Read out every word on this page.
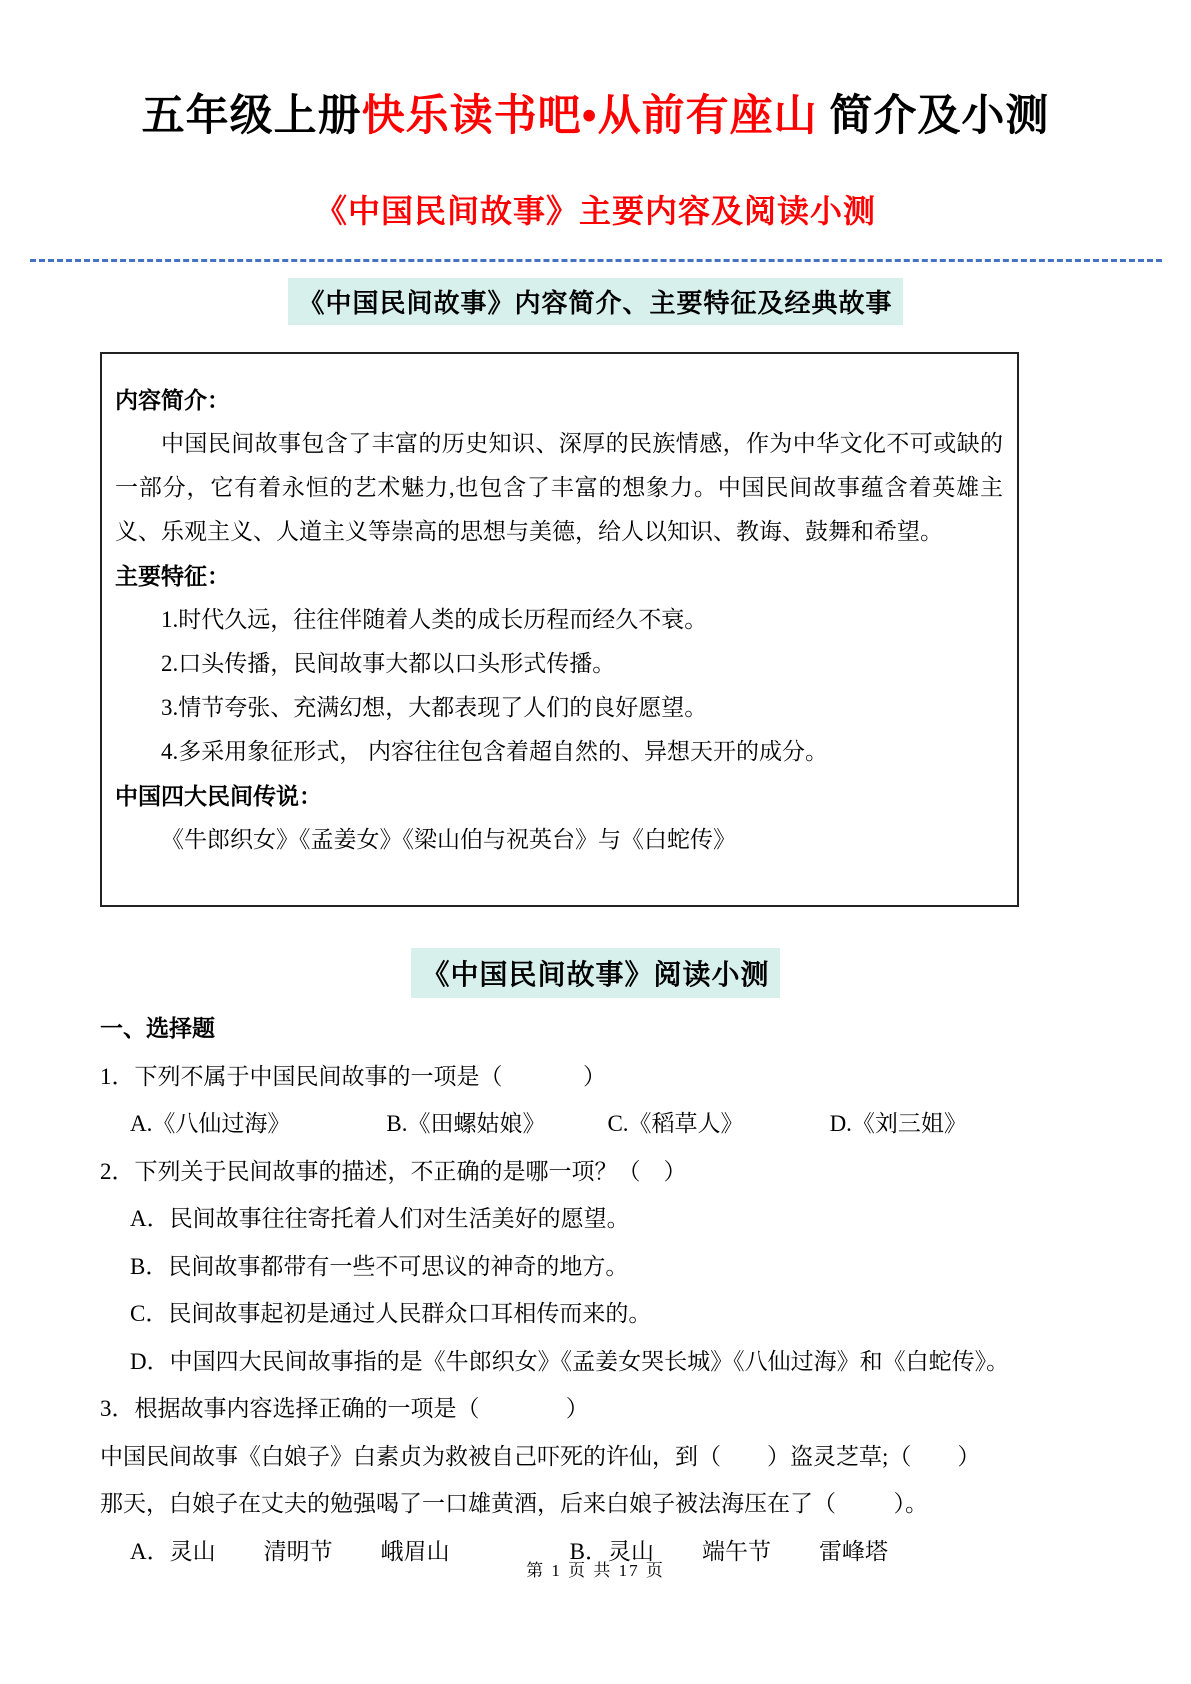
五年级上册快乐读书吧•从前有座山 简介及小测
《中国民间故事》主要内容及阅读小测
《中国民间故事》内容简介、主要特征及经典故事
内容简介：

中国民间故事包含了丰富的历史知识、深厚的民族情感，作为中华文化不可或缺的一部分，它有着永恒的艺术魅力,也包含了丰富的想象力。中国民间故事蕴含着英雄主义、乐观主义、人道主义等崇高的思想与美德，给人以知识、教诲、鼓舞和希望。

主要特征：
1.时代久远，往往伴随着人类的成长历程而经久不衰。
2.口头传播，民间故事大都以口头形式传播。
3.情节夸张、充满幻想，大都表现了人们的良好愿望。
4.多采用象征形式， 内容往往包含着超自然的、异想天开的成分。
中国四大民间传说：
《牛郎织女》《孟姜女》《梁山伯与祝英台》与《白蛇传》
《中国民间故事》阅读小测
一、选择题
1．下列不属于中国民间故事的一项是（              ）
A.《八仙过海》	B.《田螺姑娘》	C.《稻草人》	D.《刘三姐》
2．下列关于民间故事的描述，不正确的是哪一项？（    ）
A．民间故事往往寄托着人们对生活美好的愿望。
B．民间故事都带有一些不可思议的神奇的地方。
C．民间故事起初是通过人民群众口耳相传而来的。
D．中国四大民间故事指的是《牛郎织女》《孟姜女哭长城》《八仙过海》和《白蛇传》。
3．根据故事内容选择正确的一项是（               ）
中国民间故事《白娘子》白素贞为救被自己吓死的许仙，到（        ）盗灵芝草;（        ）
那天，白娘子在丈夫的勉强喝了一口雄黄酒，后来白娘子被法海压在了（          ）。
A．灵山 清明节 峨眉山	B．灵山 端午节 雷峰塔
第 1 页 共 17 页
